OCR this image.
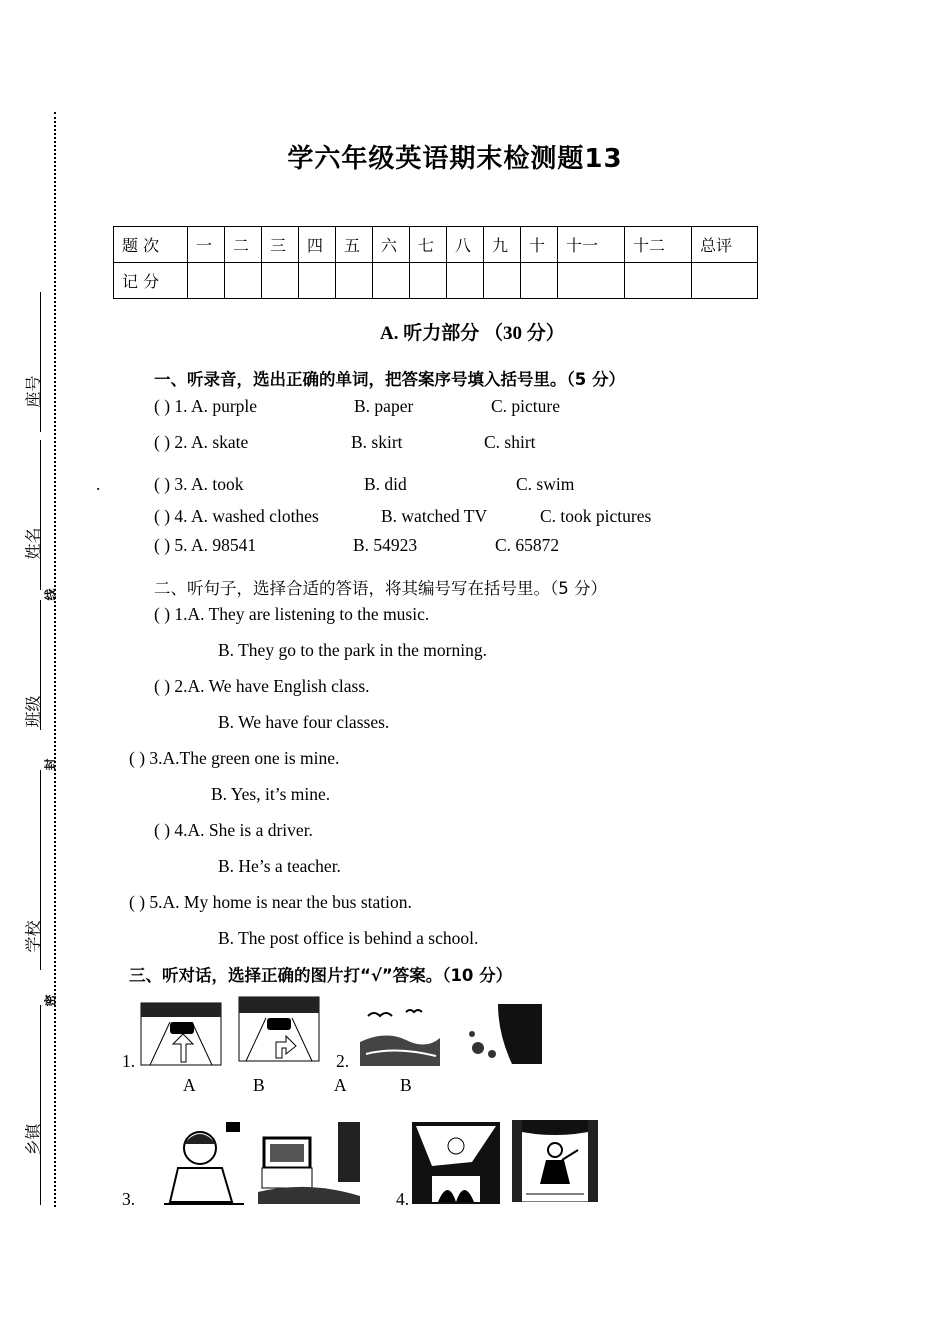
座号
姓名
线
班级
封
学校
密
乡镇
学六年级英语期末检测题13
题 次	一	二	三	四	五	六	七	八	九	十	十一	十二	总评
记 分													
A. 听力部分 （30 分）
一、听录音，选出正确的单词，把答案序号填入括号里。（5 分）
( ) 1. A. purple	B. paper	C. picture
( ) 2. A. skate	B. skirt	C. shirt
.	( ) 3. A. took	B. did	C. swim
( ) 4. A. washed clothes	B. watched TV	C. took pictures
( ) 5. A. 98541	B. 54923	C. 65872
二、听句子，选择合适的答语，将其编号写在括号里。（5 分）
( ) 1.A. They are listening to the music.
B. They go to the park in the morning.
( ) 2.A. We have English class.
B. We have four classes.
( ) 3.A.The green one is mine.
B. Yes, it’s mine.
( ) 4.A. She is a driver.
B. He’s a teacher.
( ) 5.A. My home is near the bus station.
B. The post office is behind a school.
三、听对话，选择正确的图片打“√”答案。（10 分）
1.	2.
3.	4.
A	B	A	B
